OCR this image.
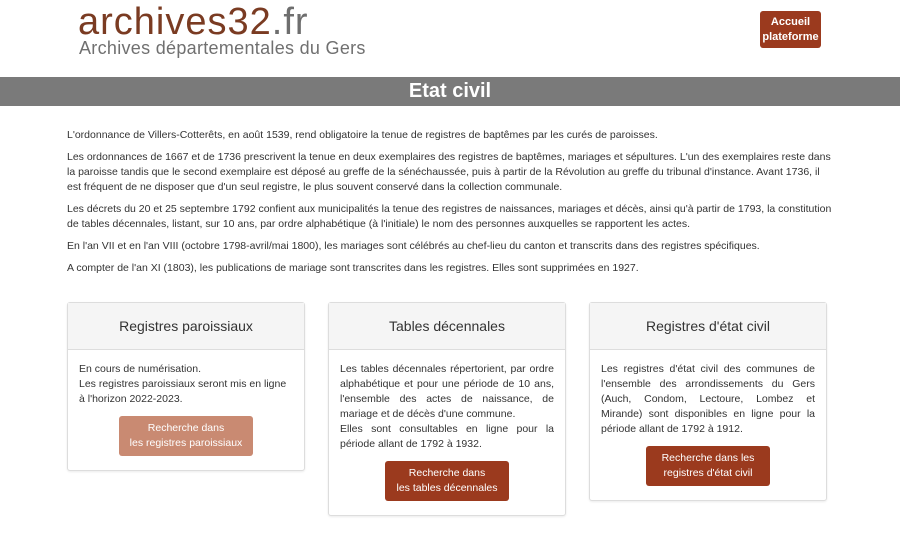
archives32.fr
Archives départementales du Gers
Accueil
plateforme
Etat civil

L'ordonnance de Villers-Cotterêts, en août 1539, rend obligatoire la tenue de registres de baptêmes par les curés de paroisses.

Les ordonnances de 1667 et de 1736 prescrivent la tenue en deux exemplaires des registres de baptêmes, mariages et sépultures. L'un des exemplaires reste dans la paroisse tandis que le second exemplaire est déposé au greffe de la sénéchaussée, puis à partir de la Révolution au greffe du tribunal d'instance. Avant 1736, il est fréquent de ne disposer que d'un seul registre, le plus souvent conservé dans la collection communale.

Les décrets du 20 et 25 septembre 1792 confient aux municipalités la tenue des registres de naissances, mariages et décès, ainsi qu'à partir de 1793, la constitution de tables décennales, listant, sur 10 ans, par ordre alphabétique (à l'initiale) le nom des personnes auxquelles se rapportent les actes.

En l'an VII et en l'an VIII (octobre 1798-avril/mai 1800), les mariages sont célébrés au chef-lieu du canton et transcrits dans des registres spécifiques.

A compter de l'an XI (1803), les publications de mariage sont transcrites dans les registres. Elles sont supprimées en 1927.

Registres paroissiaux
En cours de numérisation.
Les registres paroissiaux seront mis en ligne à l'horizon 2022-2023.
Recherche dans
les registres paroissiaux
Tables décennales
Les tables décennales répertorient, par ordre alphabétique et pour une période de 10 ans, l'ensemble des actes de naissance, de mariage et de décès d'une commune.
Elles sont consultables en ligne pour la période allant de 1792 à 1932.
Recherche dans
les tables décennales
Registres d'état civil
Les registres d'état civil des communes de l'ensemble des arrondissements du Gers (Auch, Condom, Lectoure, Lombez et Mirande) sont disponibles en ligne pour la période allant de 1792 à 1912.
Recherche dans les
registres d'état civil
